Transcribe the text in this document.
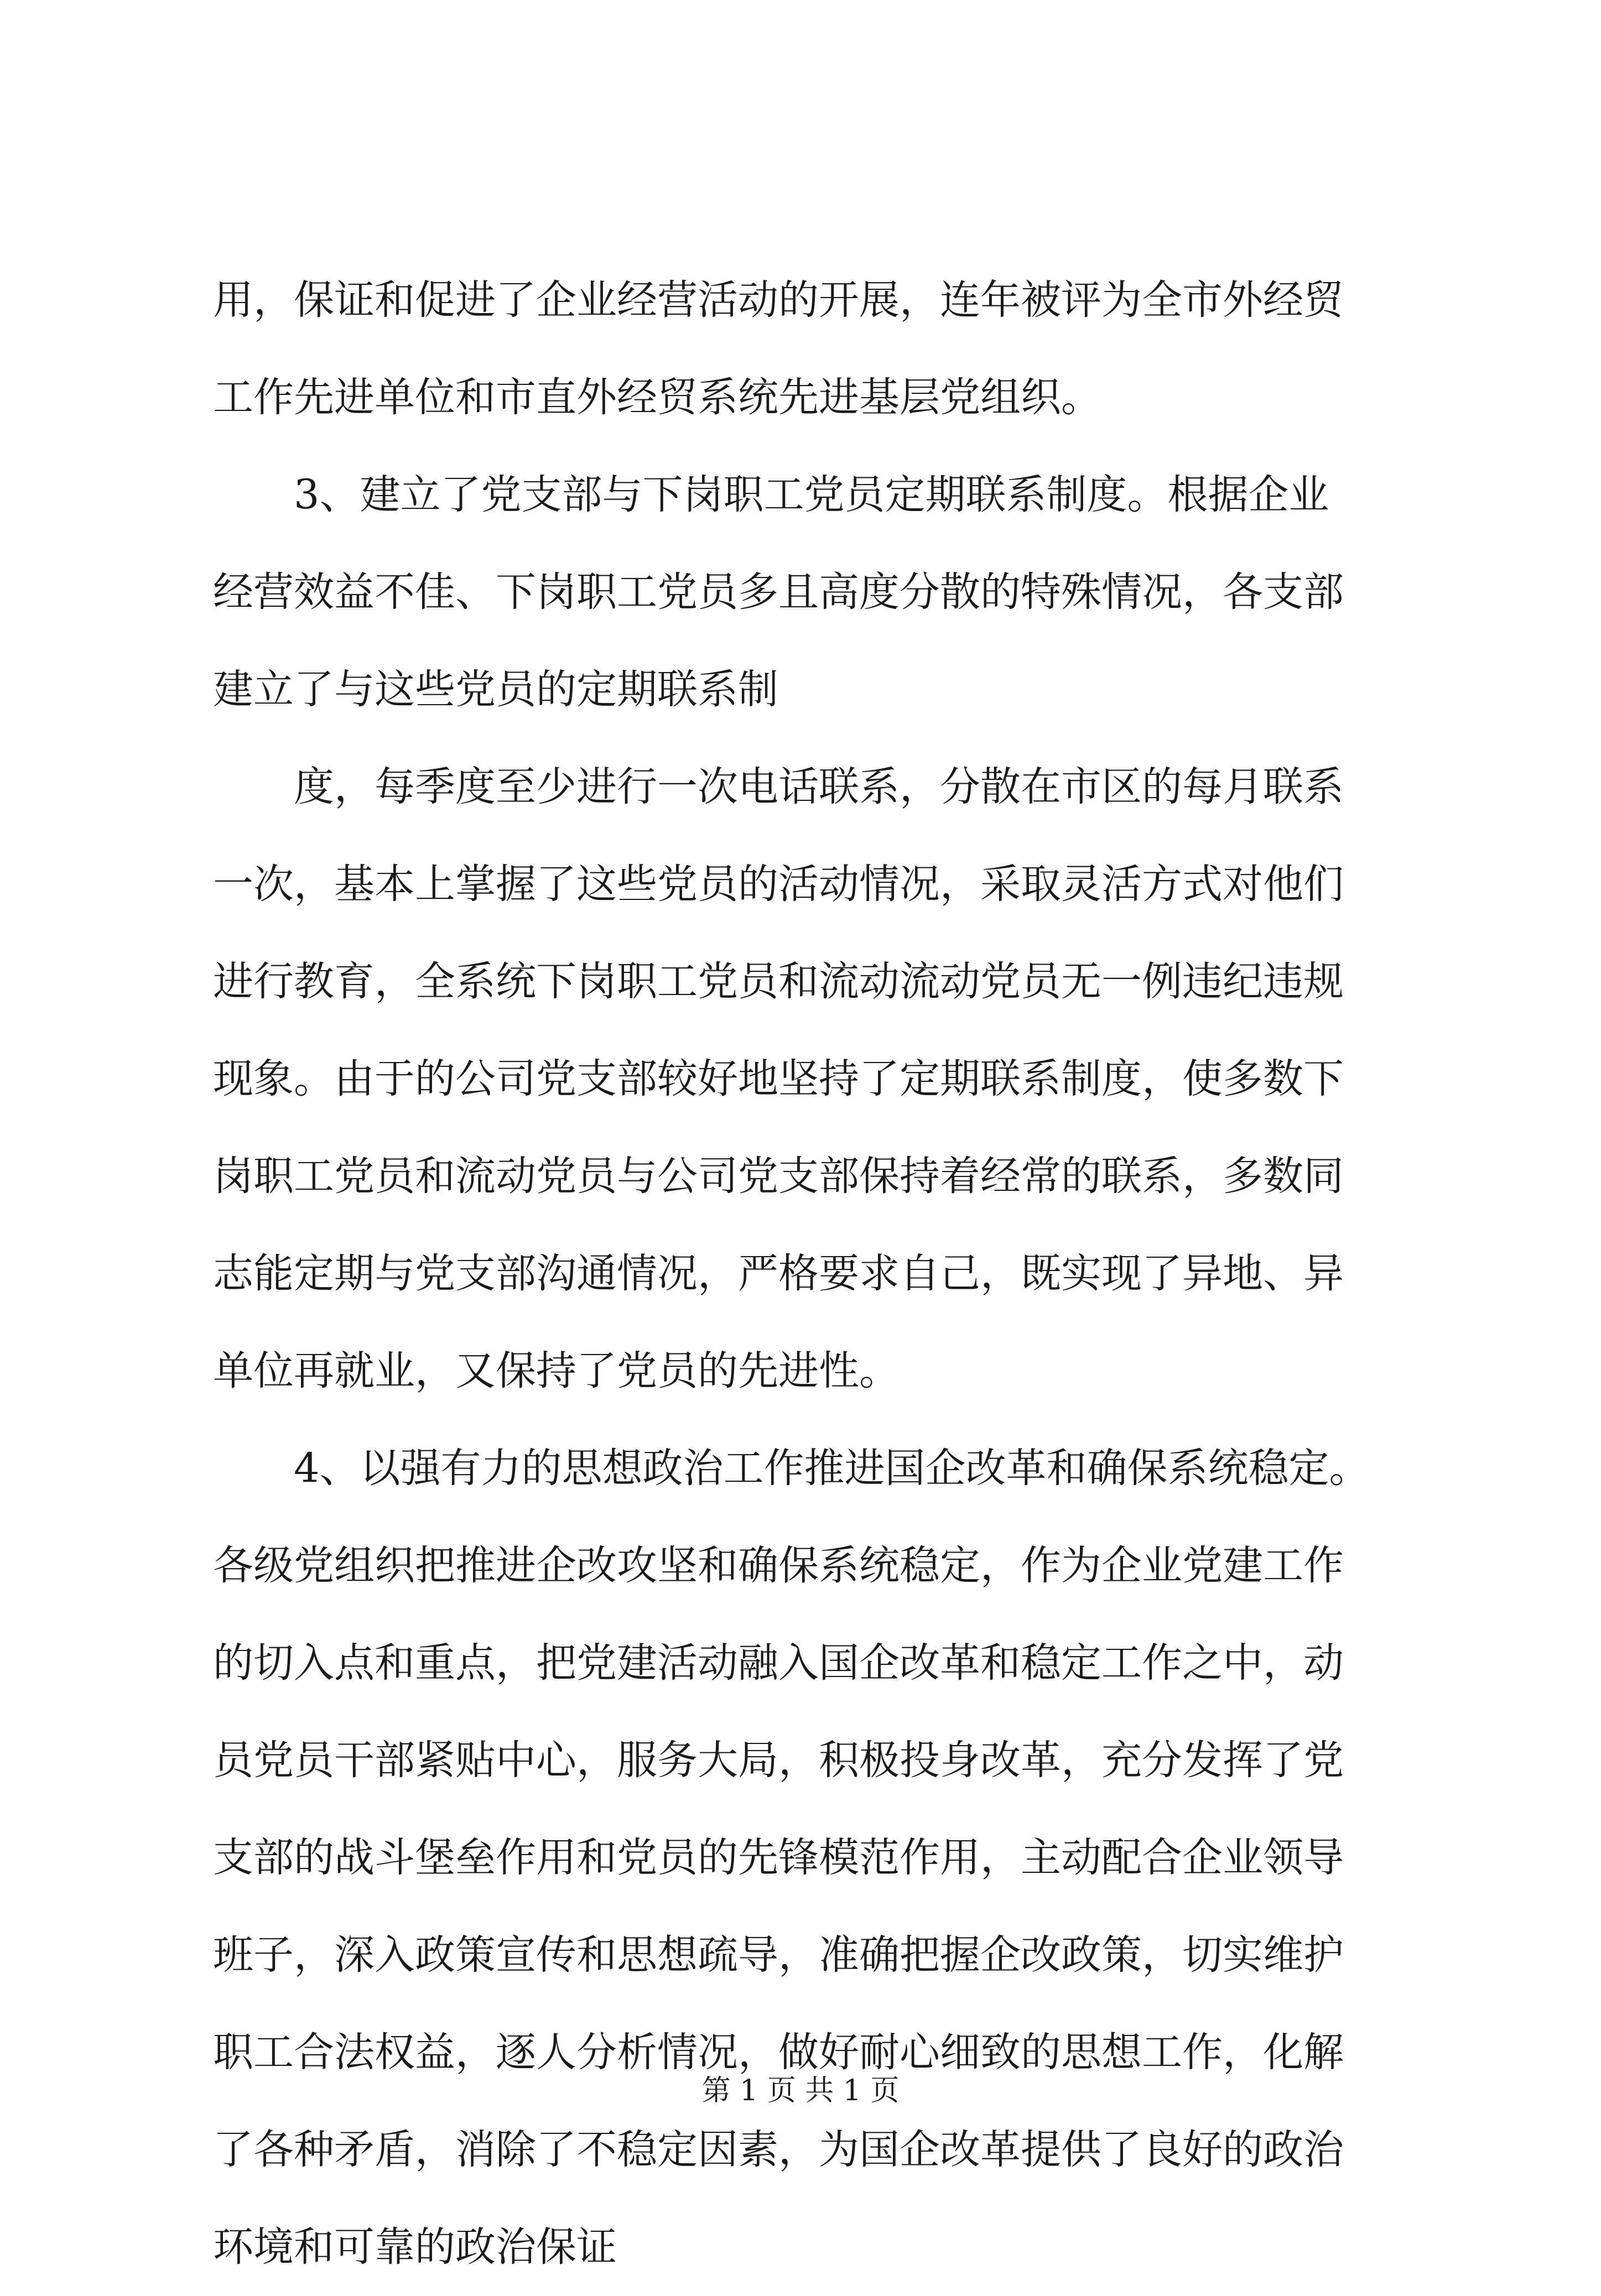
用，保证和促进了企业经营活动的开展，连年被评为全市外经贸
工作先进单位和市直外经贸系统先进基层党组织。
3、建立了党支部与下岗职工党员定期联系制度。根据企业
经营效益不佳、下岗职工党员多且高度分散的特殊情况，各支部
建立了与这些党员的定期联系制
度，每季度至少进行一次电话联系，分散在市区的每月联系
一次，基本上掌握了这些党员的活动情况，采取灵活方式对他们
进行教育，全系统下岗职工党员和流动流动党员无一例违纪违规
现象。由于的公司党支部较好地坚持了定期联系制度，使多数下
岗职工党员和流动党员与公司党支部保持着经常的联系，多数同
志能定期与党支部沟通情况，严格要求自己，既实现了异地、异
单位再就业，又保持了党员的先进性。
4、以强有力的思想政治工作推进国企改革和确保系统稳定。
各级党组织把推进企改攻坚和确保系统稳定，作为企业党建工作
的切入点和重点，把党建活动融入国企改革和稳定工作之中，动
员党员干部紧贴中心，服务大局，积极投身改革，充分发挥了党
支部的战斗堡垒作用和党员的先锋模范作用，主动配合企业领导
班子，深入政策宣传和思想疏导，准确把握企改政策，切实维护
职工合法权益，逐人分析情况，做好耐心细致的思想工作，化解
了各种矛盾，消除了不稳定因素，为国企改革提供了良好的政治
环境和可靠的政治保证
第 1 页 共 1 页
